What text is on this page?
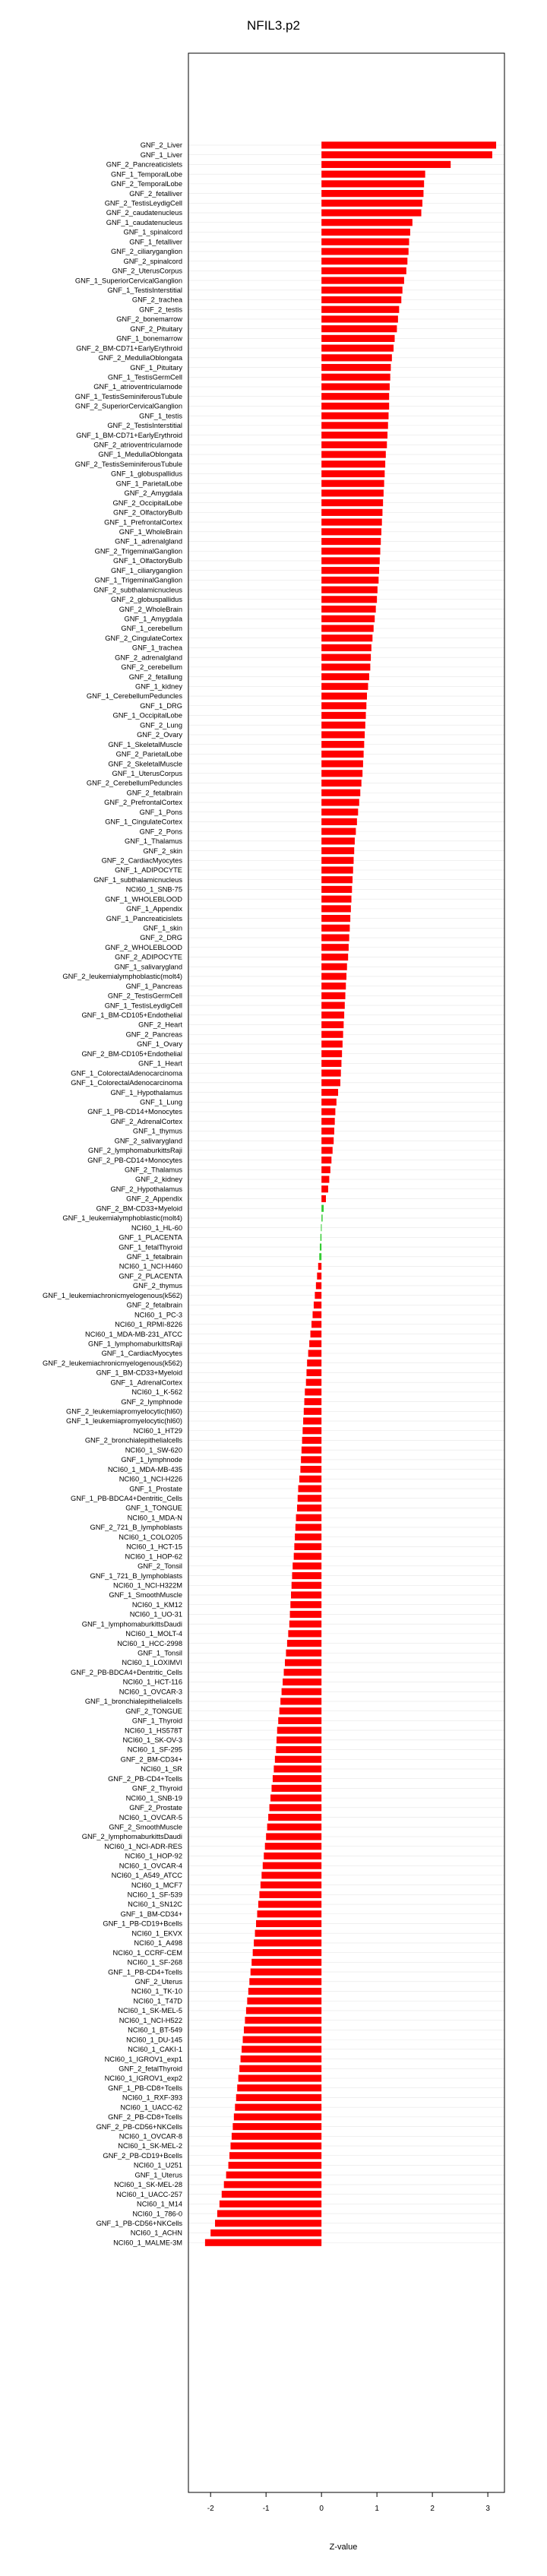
NFIL3.p2
GNF_2_Liver
GNF_1_Liver
GNF_2_Pancreaticislets
GNF_1_TemporalLobe
GNF_2_TemporalLobe
GNF_2_fetalliver
GNF_2_TestisLeydigCell
GNF_2_caudatenucleus
GNF_1_caudatenucleus
GNF_1_spinalcord
GNF_1_fetalliver
GNF_2_ciliaryganglion
GNF_2_spinalcord
GNF_2_UterusCorpus
GNF_1_SuperiorCervicalGanglion
GNF_1_TestisInterstitial
GNF_2_trachea
GNF_2_testis
GNF_2_bonemarrow
GNF_2_Pituitary
GNF_1_bonemarrow
GNF_2_BM-CD71+EarlyErythroid
GNF_2_MedullaOblongata
GNF_1_Pituitary
GNF_1_TestisGermCell
GNF_1_atrioventricularnode
GNF_1_TestisSeminiferousTubule
GNF_2_SuperiorCervicalGanglion
GNF_1_testis
GNF_2_TestisInterstitial
GNF_1_BM-CD71+EarlyErythroid
GNF_2_atrioventricularnode
GNF_1_MedullaOblongata
GNF_2_TestisSeminiferousTubule
GNF_1_globuspallidus
GNF_1_ParietalLobe
GNF_2_Amygdala
GNF_2_OccipitalLobe
GNF_2_OlfactoryBulb
GNF_1_PrefrontalCortex
GNF_1_WholeBrain
GNF_1_adrenalgland
GNF_2_TrigeminalGanglion
GNF_1_OlfactoryBulb
GNF_1_ciliaryganglion
GNF_1_TrigeminalGanglion
GNF_2_subthalamicnucleus
GNF_2_globuspallidus
GNF_2_WholeBrain
GNF_1_Amygdala
GNF_1_cerebellum
GNF_2_CingulateCortex
GNF_1_trachea
GNF_2_adrenalgland
GNF_2_cerebellum
GNF_2_fetallung
GNF_1_kidney
GNF_1_CerebellumPeduncles
GNF_1_DRG
GNF_1_OccipitalLobe
GNF_2_Lung
GNF_2_Ovary
GNF_1_SkeletalMuscle
GNF_2_ParietalLobe
GNF_2_SkeletalMuscle
GNF_1_UterusCorpus
GNF_2_CerebellumPeduncles
GNF_2_fetalbrain
GNF_2_PrefrontalCortex
GNF_1_Pons
GNF_1_CingulateCortex
GNF_2_Pons
GNF_1_Thalamus
GNF_2_skin
GNF_2_CardiacMyocytes
GNF_1_ADIPOCYTE
GNF_1_subthalamicnucleus
NCI60_1_SNB-75
GNF_1_WHOLEBLOOD
GNF_1_Appendix
GNF_1_Pancreaticislets
GNF_1_skin
GNF_2_DRG
GNF_2_WHOLEBLOOD
GNF_2_ADIPOCYTE
GNF_1_salivarygland
GNF_2_leukemialymphoblastic(molt4)
GNF_1_Pancreas
GNF_2_TestisGermCell
GNF_1_TestisLeydigCell
GNF_1_BM-CD105+Endothelial
GNF_2_Heart
GNF_2_Pancreas
GNF_1_Ovary
GNF_2_BM-CD105+Endothelial
GNF_1_Heart
GNF_1_ColorectalAdenocarcinoma
GNF_1_ColorectalAdenocarcinoma
GNF_1_Hypothalamus
GNF_1_Lung
GNF_1_PB-CD14+Monocytes
GNF_2_AdrenalCortex
GNF_1_thymus
GNF_2_salivarygland
GNF_2_lymphomaburkittsRaji
GNF_2_PB-CD14+Monocytes
GNF_2_Thalamus
GNF_2_kidney
GNF_2_Hypothalamus
GNF_2_Appendix
GNF_2_BM-CD33+Myeloid
GNF_1_leukemialymphoblastic(molt4)
NCI60_1_HL-60
GNF_1_PLACENTA
GNF_1_fetalThyroid
GNF_1_fetalbrain
NCI60_1_NCI-H460
GNF_2_PLACENTA
GNF_2_thymus
GNF_1_leukemiachronicmyelogenous(k562)
GNF_2_fetalbrain
NCI60_1_PC-3
NCI60_1_RPMI-8226
NCI60_1_MDA-MB-231_ATCC
GNF_1_lymphomaburkittsRaji
GNF_1_CardiacMyocytes
GNF_2_leukemiachronicmyelogenous(k562)
GNF_1_BM-CD33+Myeloid
GNF_1_AdrenalCortex
NCI60_1_K-562
GNF_2_lymphnode
GNF_2_leukemiapromyelocytic(hl60)
GNF_1_leukemiapromyelocytic(hl60)
NCI60_1_HT29
GNF_2_bronchialepithelialcells
NCI60_1_SW-620
GNF_1_lymphnode
NCI60_1_MDA-MB-435
NCI60_1_NCI-H226
GNF_1_Prostate
GNF_1_PB-BDCA4+Dentritic_Cells
GNF_1_TONGUE
NCI60_1_MDA-N
GNF_2_721_B_lymphoblasts
NCI60_1_COLO205
NCI60_1_HCT-15
NCI60_1_HOP-62
GNF_2_Tonsil
GNF_1_721_B_lymphoblasts
NCI60_1_NCI-H322M
GNF_1_SmoothMuscle
NCI60_1_KM12
NCI60_1_UO-31
GNF_1_lymphomaburkittsDaudi
NCI60_1_MOLT-4
NCI60_1_HCC-2998
GNF_1_Tonsil
NCI60_1_LOXIMVI
GNF_2_PB-BDCA4+Dentritic_Cells
NCI60_1_HCT-116
NCI60_1_OVCAR-3
GNF_1_bronchialepithelialcells
GNF_2_TONGUE
GNF_1_Thyroid
NCI60_1_HS578T
NCI60_1_SK-OV-3
NCI60_1_SF-295
GNF_2_BM-CD34+
NCI60_1_SR
GNF_2_PB-CD4+Tcells
GNF_2_Thyroid
NCI60_1_SNB-19
GNF_2_Prostate
NCI60_1_OVCAR-5
GNF_2_SmoothMuscle
GNF_2_lymphomaburkittsDaudi
NCI60_1_NCI-ADR-RES
NCI60_1_HOP-92
NCI60_1_OVCAR-4
NCI60_1_A549_ATCC
NCI60_1_MCF7
NCI60_1_SF-539
NCI60_1_SN12C
GNF_1_BM-CD34+
GNF_1_PB-CD19+Bcells
NCI60_1_EKVX
NCI60_1_A498
NCI60_1_CCRF-CEM
NCI60_1_SF-268
GNF_1_PB-CD4+Tcells
GNF_2_Uterus
NCI60_1_TK-10
NCI60_1_T47D
NCI60_1_SK-MEL-5
NCI60_1_NCI-H522
NCI60_1_BT-549
NCI60_1_DU-145
NCI60_1_CAKI-1
NCI60_1_IGROV1_exp1
GNF_2_fetalThyroid
NCI60_1_IGROV1_exp2
GNF_1_PB-CD8+Tcells
NCI60_1_RXF-393
NCI60_1_UACC-62
GNF_2_PB-CD8+Tcells
GNF_2_PB-CD56+NKCells
NCI60_1_OVCAR-8
NCI60_1_SK-MEL-2
GNF_2_PB-CD19+Bcells
NCI60_1_U251
GNF_1_Uterus
NCI60_1_SK-MEL-28
NCI60_1_UACC-257
NCI60_1_M14
NCI60_1_786-0
GNF_1_PB-CD56+NKCells
NCI60_1_ACHN
NCI60_1_MALME-3M
-2	-1	0	1	2	3
Z-value
